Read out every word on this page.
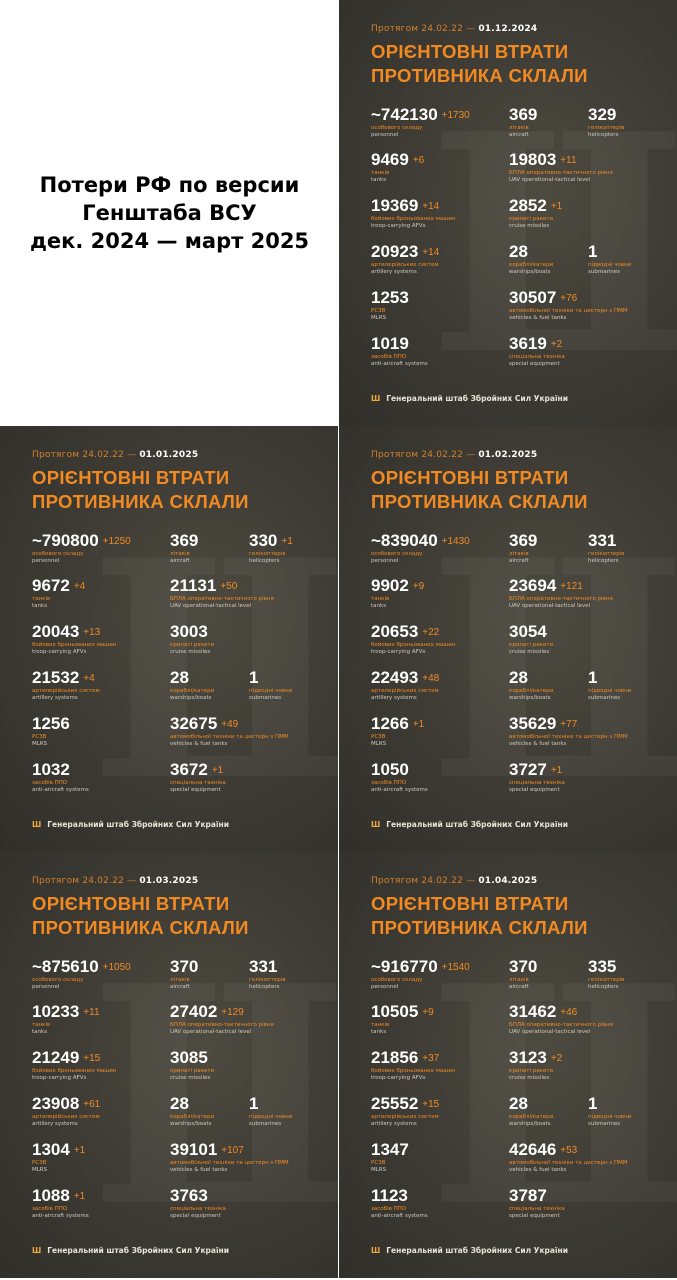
Потери РФ по версии
Генштаба ВСУ
дек. 2024 — март 2025
Протягом 24.02.22 — 01.12.2024
ОРІЄНТОВНІ ВТРАТИ
ПРОТИВНИКА СКЛАЛИ
~742130 +1730
особового складу
personnel
369
літаків
aircraft
329
гелікоптерів
helicopters
9469 +6
танків
tanks
19803 +11
БПЛА оперативно-тактичного рівня
UAV operational-tactical level
19369 +14
бойових броньованих машин
troop-carrying AFVs
2852 +1
крилаті ракети
cruise missiles
20923 +14
артилерійських систем
artillery systems
28
кораблі/катери
warships/boats
1
підводні човни
submarines
1253
РСЗВ
MLRS
30507 +76
автомобільної техніки та цистерн з ПММ
vehicles & fuel tanks
1019
засобів ППО
anti-aircraft systems
3619 +2
спеціальна техніка
special equipment
Ш Генеральний штаб Збройних Сил України
Протягом 24.02.22 — 01.01.2025
ОРІЄНТОВНІ ВТРАТИ
ПРОТИВНИКА СКЛАЛИ
~790800 +1250
особового складу
personnel
369
літаків
aircraft
330 +1
гелікоптерів
helicopters
9672 +4
танків
tanks
21131 +50
БПЛА оперативно-тактичного рівня
UAV operational-tactical level
20043 +13
бойових броньованих машин
troop-carrying AFVs
3003
крилаті ракети
cruise missiles
21532 +4
артилерійських систем
artillery systems
28
кораблі/катери
warships/boats
1
підводні човни
submarines
1256
РСЗВ
MLRS
32675 +49
автомобільної техніки та цистерн з ПММ
vehicles & fuel tanks
1032
засобів ППО
anti-aircraft systems
3672 +1
спеціальна техніка
special equipment
Ш Генеральний штаб Збройних Сил України
Протягом 24.02.22 — 01.02.2025
ОРІЄНТОВНІ ВТРАТИ
ПРОТИВНИКА СКЛАЛИ
~839040 +1430
особового складу
personnel
369
літаків
aircraft
331
гелікоптерів
helicopters
9902 +9
танків
tanks
23694 +121
БПЛА оперативно-тактичного рівня
UAV operational-tactical level
20653 +22
бойових броньованих машин
troop-carrying AFVs
3054
крилаті ракети
cruise missiles
22493 +48
артилерійських систем
artillery systems
28
кораблі/катери
warships/boats
1
підводні човни
submarines
1266 +1
РСЗВ
MLRS
35629 +77
автомобільної техніки та цистерн з ПММ
vehicles & fuel tanks
1050
засобів ППО
anti-aircraft systems
3727 +1
спеціальна техніка
special equipment
Ш Генеральний штаб Збройних Сил України
Протягом 24.02.22 — 01.03.2025
ОРІЄНТОВНІ ВТРАТИ
ПРОТИВНИКА СКЛАЛИ
~875610 +1050
особового складу
personnel
370
літаків
aircraft
331
гелікоптерів
helicopters
10233 +11
танків
tanks
27402 +129
БПЛА оперативно-тактичного рівня
UAV operational-tactical level
21249 +15
бойових броньованих машин
troop-carrying AFVs
3085
крилаті ракети
cruise missiles
23908 +61
артилерійських систем
artillery systems
28
кораблі/катери
warships/boats
1
підводні човни
submarines
1304 +1
РСЗВ
MLRS
39101 +107
автомобільної техніки та цистерн з ПММ
vehicles & fuel tanks
1088 +1
засобів ППО
anti-aircraft systems
3763
спеціальна техніка
special equipment
Ш Генеральний штаб Збройних Сил України
Протягом 24.02.22 — 01.04.2025
ОРІЄНТОВНІ ВТРАТИ
ПРОТИВНИКА СКЛАЛИ
~916770 +1540
особового складу
personnel
370
літаків
aircraft
335
гелікоптерів
helicopters
10505 +9
танків
tanks
31462 +46
БПЛА оперативно-тактичного рівня
UAV operational-tactical level
21856 +37
бойових броньованих машин
troop-carrying AFVs
3123 +2
крилаті ракети
cruise missiles
25552 +15
артилерійських систем
artillery systems
28
кораблі/катери
warships/boats
1
підводні човни
submarines
1347
РСЗВ
MLRS
42646 +53
автомобільної техніки та цистерн з ПММ
vehicles & fuel tanks
1123
засобів ППО
anti-aircraft systems
3787
спеціальна техніка
special equipment
Ш Генеральний штаб Збройних Сил України
